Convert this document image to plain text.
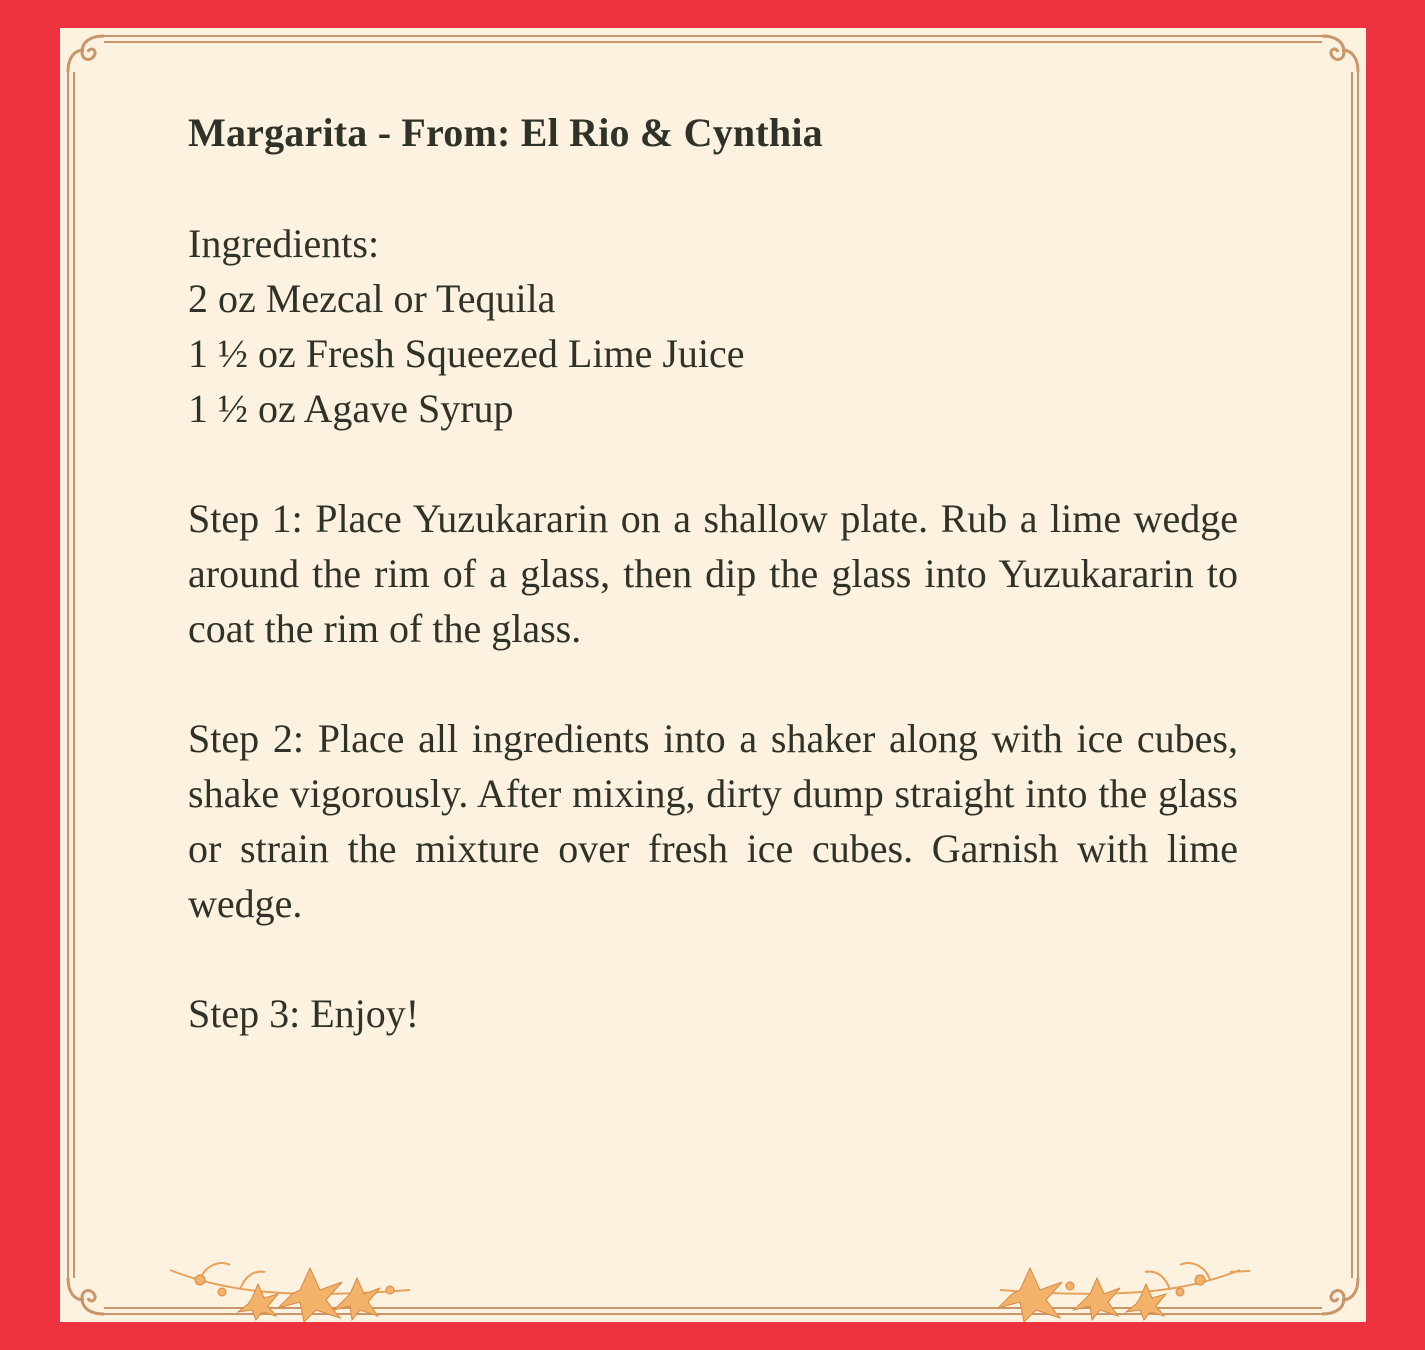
Margarita - From: El Rio & Cynthia

Ingredients:

2 oz Mezcal or Tequila

1 ½ oz Fresh Squeezed Lime Juice

1 ½ oz Agave Syrup

Step 1: Place Yuzukararin on a shallow plate. Rub a lime wedge around the rim of a glass, then dip the glass into Yuzukararin to coat the rim of the glass.

Step 2: Place all ingredients into a shaker along with ice cubes, shake vigorously. After mixing, dirty dump straight into the glass or strain the mixture over fresh ice cubes. Garnish with lime wedge.

Step 3: Enjoy!
